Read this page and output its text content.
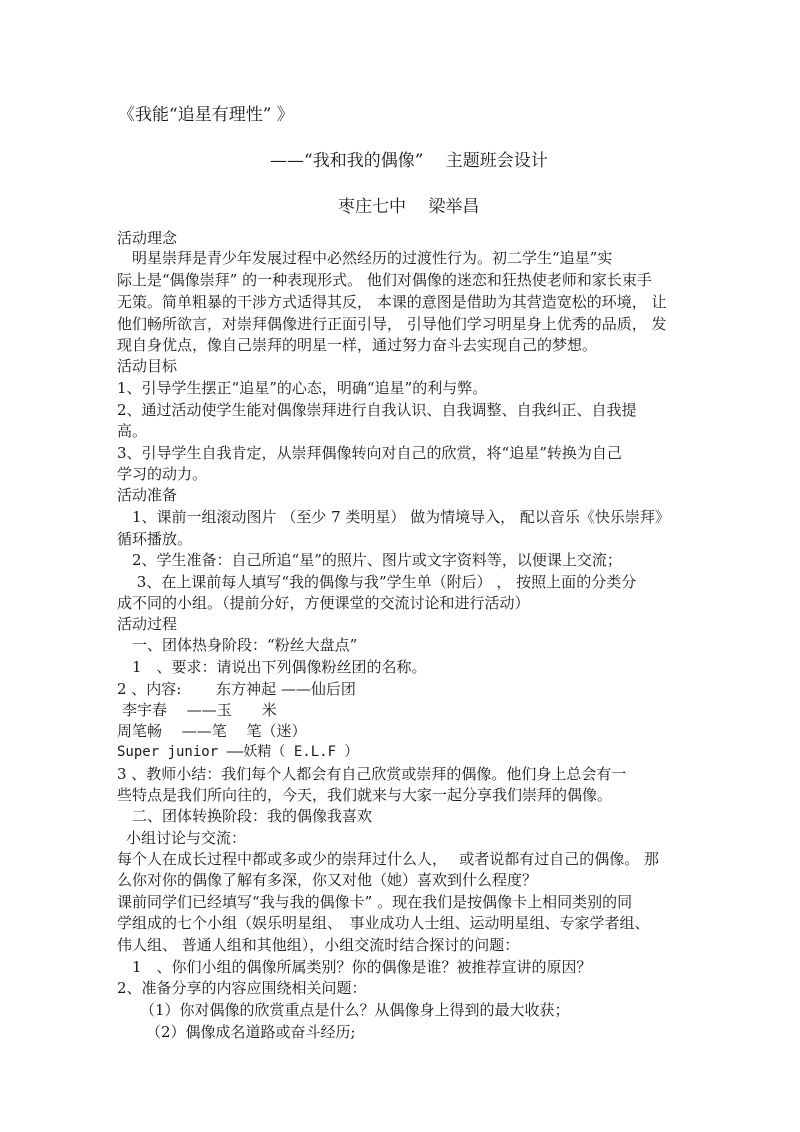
《我能“追星有理性” 》
——“我和我的偶像”　 主题班会设计
枣庄七中　 梁举昌
活动理念
　明星崇拜是青少年发展过程中必然经历的过渡性行为。初二学生“追星”实
际上是“偶像崇拜” 的一种表现形式。 他们对偶像的迷恋和狂热使老师和家长束手
无策。简单粗暴的干涉方式适得其反， 本课的意图是借助为其营造宽松的环境， 让
他们畅所欲言，对崇拜偶像进行正面引导， 引导他们学习明星身上优秀的品质， 发
现自身优点，像自己崇拜的明星一样，通过努力奋斗去实现自己的梦想。
活动目标
1、引导学生摆正“追星”的心态，明确“追星”的利与弊。
2、通过活动使学生能对偶像崇拜进行自我认识、自我调整、自我纠正、自我提
高。
3、引导学生自我肯定，从崇拜偶像转向对自己的欣赏，将“追星”转换为自己
学习的动力。
活动准备
　1、课前一组滚动图片 （至少 7 类明星） 做为情境导入， 配以音乐《快乐崇拜》
循环播放。
　2、学生准备：自己所追“星”的照片、图片或文字资料等，以便课上交流；
　 3、在上课前每人填写“我的偶像与我”学生单（附后） ， 按照上面的分类分
成不同的小组。（提前分好，方便课堂的交流讨论和进行活动）
活动过程
　一、团体热身阶段：“粉丝大盘点”
　1　、要求：请说出下列偶像粉丝团的名称。
2 、内容:　　 东方神起 ——仙后团
李宇春　 ——玉　　米
周笔畅　 ——笔　 笔（迷）
Super junior ——妖精（ E.L.F ）
3 、教师小结：我们每个人都会有自己欣赏或崇拜的偶像。他们身上总会有一
些特点是我们所向往的，今天，我们就来与大家一起分享我们崇拜的偶像。
　二、团体转换阶段：我的偶像我喜欢
小组讨论与交流：
每个人在成长过程中都或多或少的崇拜过什么人，　 或者说都有过自己的偶像。 那
么你对你的偶像了解有多深，你又对他（她）喜欢到什么程度？
课前同学们已经填写“我与我的偶像卡” 。现在我们是按偶像卡上相同类别的同
学组成的七个小组（娱乐明星组、　事业成功人士组、运动明星组、专家学者组、
伟人组、 普通人组和其他组），小组交流时结合探讨的问题：
　1　、你们小组的偶像所属类别？你的偶像是谁？被推荐宣讲的原因？
2、准备分享的内容应围绕相关问题：
（1）你对偶像的欣赏重点是什么？从偶像身上得到的最大收获；
（2）偶像成名道路或奋斗经历;
